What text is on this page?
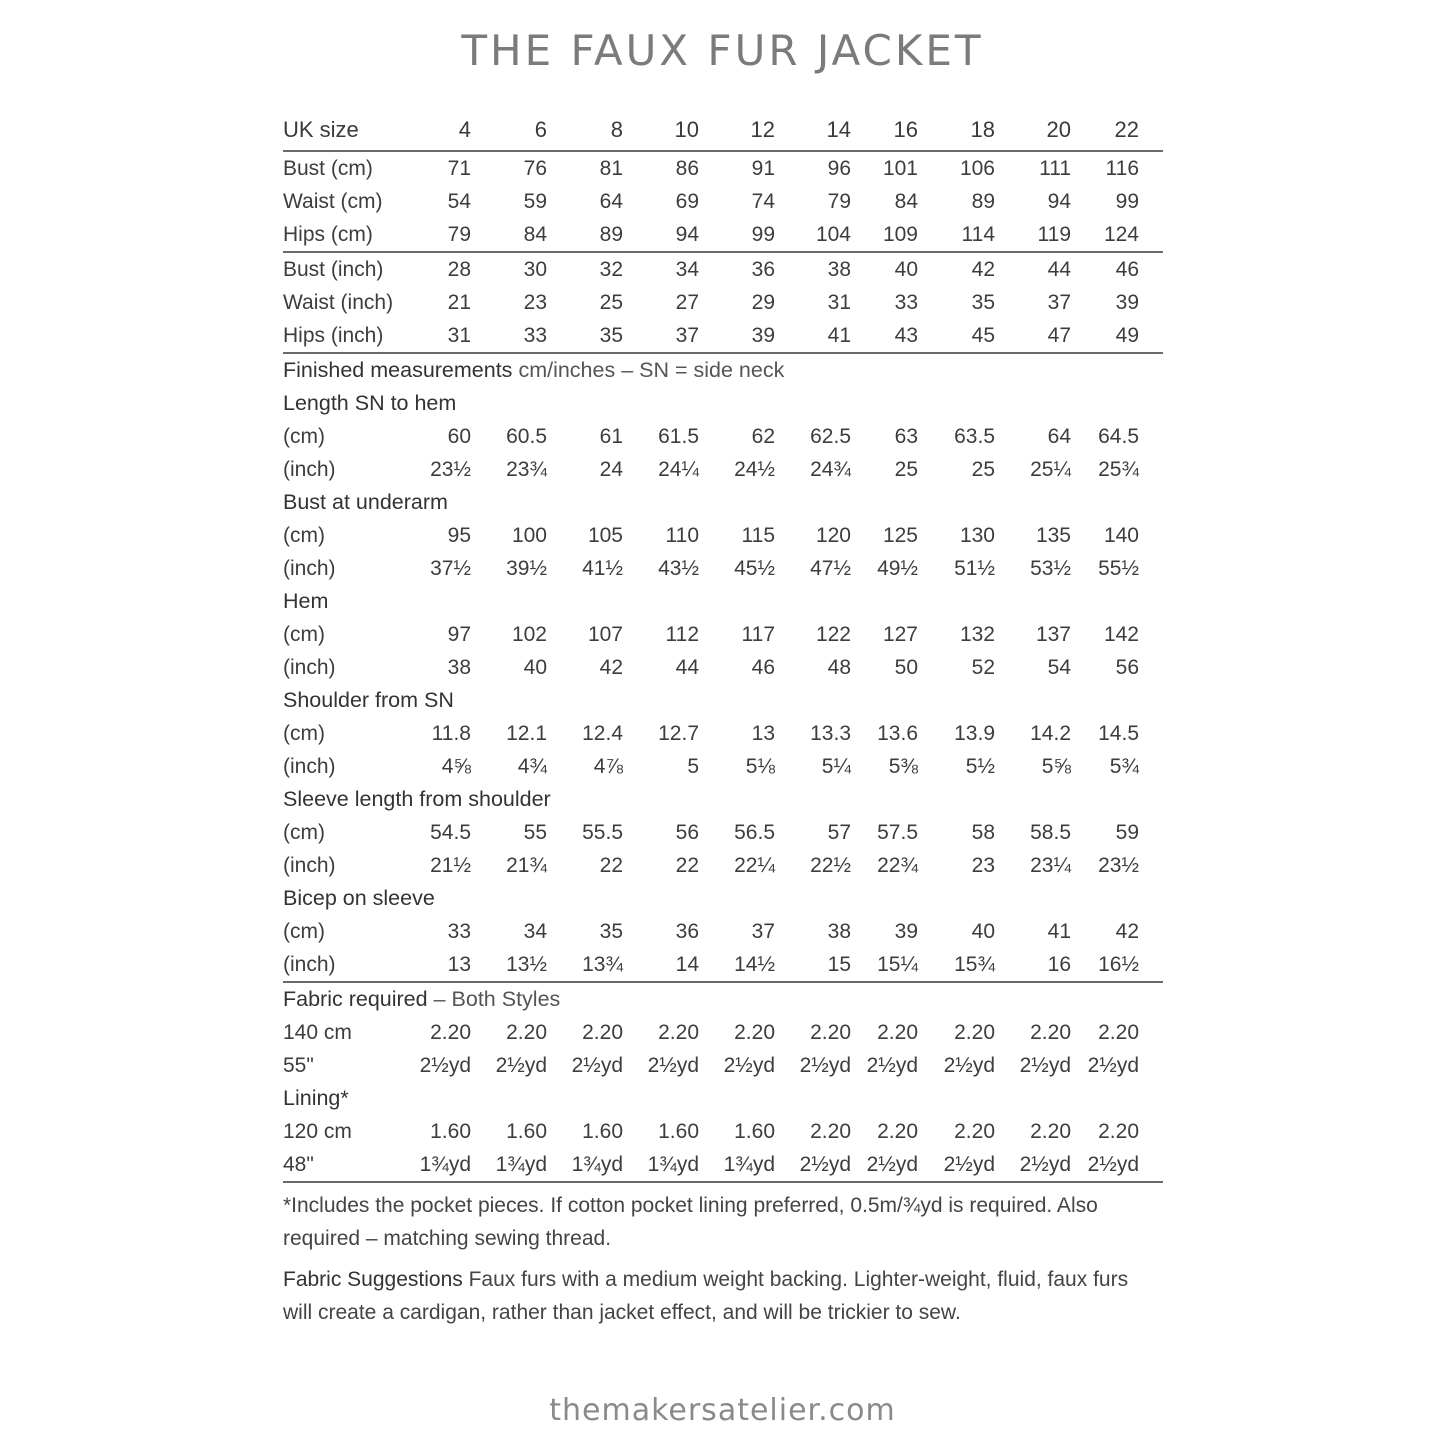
THE FAUX FUR JACKET
UK size	4	6	8	10	12	14	16	18	20	22
Bust (cm)	71	76	81	86	91	96	101	106	111	116
Waist (cm)	54	59	64	69	74	79	84	89	94	99
Hips (cm)	79	84	89	94	99	104	109	114	119	124
Bust (inch)	28	30	32	34	36	38	40	42	44	46
Waist (inch)	21	23	25	27	29	31	33	35	37	39
Hips (inch)	31	33	35	37	39	41	43	45	47	49
Finished measurements cm/inches – SN = side neck
Length SN to hem
(cm)	60	60.5	61	61.5	62	62.5	63	63.5	64	64.5
(inch)	23½	23¾	24	24¼	24½	24¾	25	25	25¼	25¾
Bust at underarm
(cm)	95	100	105	110	115	120	125	130	135	140
(inch)	37½	39½	41½	43½	45½	47½	49½	51½	53½	55½
Hem
(cm)	97	102	107	112	117	122	127	132	137	142
(inch)	38	40	42	44	46	48	50	52	54	56
Shoulder from SN
(cm)	11.8	12.1	12.4	12.7	13	13.3	13.6	13.9	14.2	14.5
(inch)	4⅝	4¾	4⅞	5	5⅛	5¼	5⅜	5½	5⅝	5¾
Sleeve length from shoulder
(cm)	54.5	55	55.5	56	56.5	57	57.5	58	58.5	59
(inch)	21½	21¾	22	22	22¼	22½	22¾	23	23¼	23½
Bicep on sleeve
(cm)	33	34	35	36	37	38	39	40	41	42
(inch)	13	13½	13¾	14	14½	15	15¼	15¾	16	16½
Fabric required – Both Styles
140 cm	2.20	2.20	2.20	2.20	2.20	2.20	2.20	2.20	2.20	2.20
55"	2½yd	2½yd	2½yd	2½yd	2½yd	2½yd 2½yd	2½yd	2½yd 2½yd
Lining*
120 cm	1.60	1.60	1.60	1.60	1.60	2.20	2.20	2.20	2.20	2.20
48"	1¾yd	1¾yd	1¾yd	1¾yd	1¾yd	2½yd 2½yd	2½yd	2½yd 2½yd

*Includes the pocket pieces. If cotton pocket lining preferred, 0.5m/¾yd is required. Also required – matching sewing thread.

Fabric Suggestions Faux furs with a medium weight backing. Lighter-weight, fluid, faux furs will create a cardigan, rather than jacket effect, and will be trickier to sew.

themakersatelier.com
